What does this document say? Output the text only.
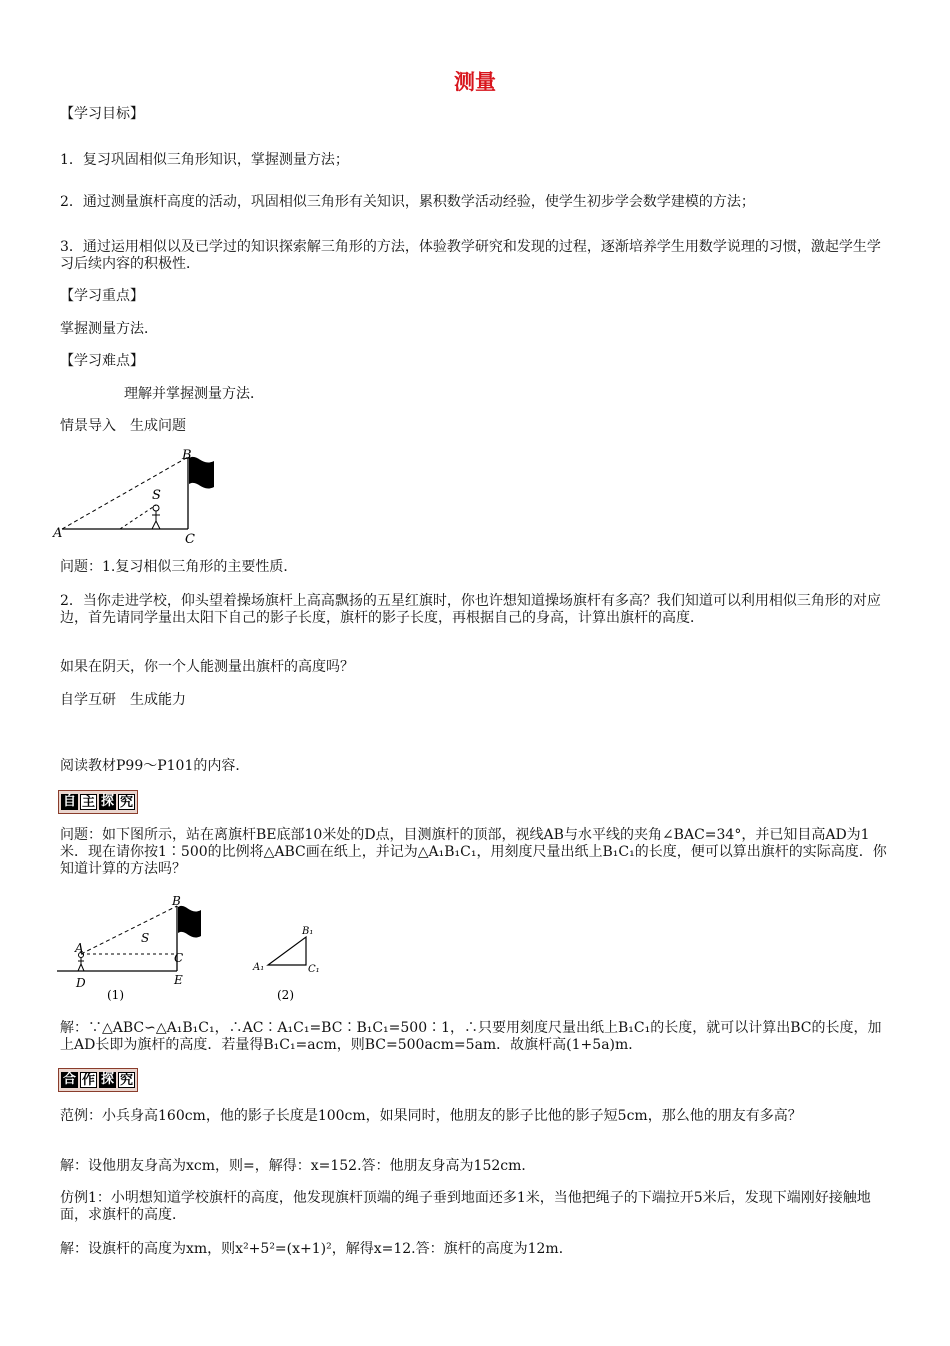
测量
【学习目标】
1．复习巩固相似三角形知识，掌握测量方法；
2．通过测量旗杆高度的活动，巩固相似三角形有关知识，累积数学活动经验，使学生初步学会数学建模的方法；
3．通过运用相似以及已学过的知识探索解三角形的方法，体验教学研究和发现的过程，逐渐培养学生用数学说理的习惯，激起学生学习后续内容的积极性．
【学习重点】
掌握测量方法．
【学习难点】
理解并掌握测量方法．
情景导入　生成问题
A
B
C
S
问题：1.复习相似三角形的主要性质．
2．当你走进学校，仰头望着操场旗杆上高高飘扬的五星红旗时，你也许想知道操场旗杆有多高？我们知道可以利用相似三角形的对应边，首先请同学量出太阳下自己的影子长度，旗杆的影子长度，再根据自己的身高，计算出旗杆的高度．
如果在阴天，你一个人能测量出旗杆的高度吗？
自学互研　生成能力
阅读教材P99～P101的内容．
自 主 探 究
问题：如下图所示，站在离旗杆BE底部10米处的D点，目测旗杆的顶部，视线AB与水平线的夹角∠BAC=34°，并已知目高AD为1米．现在请你按1∶500的比例将△ABC画在纸上，并记为△A₁B₁C₁，用刻度尺量出纸上B₁C₁的长度，便可以算出旗杆的实际高度．你知道计算的方法吗？
A
B
C
D	E
S
(1)
A₁
B₁
C₁
(2)
解：∵△ABC∽△A₁B₁C₁，∴AC∶A₁C₁=BC∶B₁C₁=500∶1，∴只要用刻度尺量出纸上B₁C₁的长度，就可以计算出BC的长度，加上AD长即为旗杆的高度．若量得B₁C₁=acm，则BC=500acm=5am．故旗杆高(1+5a)m．
合 作 探 究
范例：小兵身高160cm，他的影子长度是100cm，如果同时，他朋友的影子比他的影子短5cm，那么他的朋友有多高？
解：设他朋友身高为xcm，则=，解得：x=152.答：他朋友身高为152cm．
仿例1：小明想知道学校旗杆的高度，他发现旗杆顶端的绳子垂到地面还多1米，当他把绳子的下端拉开5米后，发现下端刚好接触地面，求旗杆的高度．
解：设旗杆的高度为xm，则x²+5²=(x+1)²，解得x=12.答：旗杆的高度为12m．
